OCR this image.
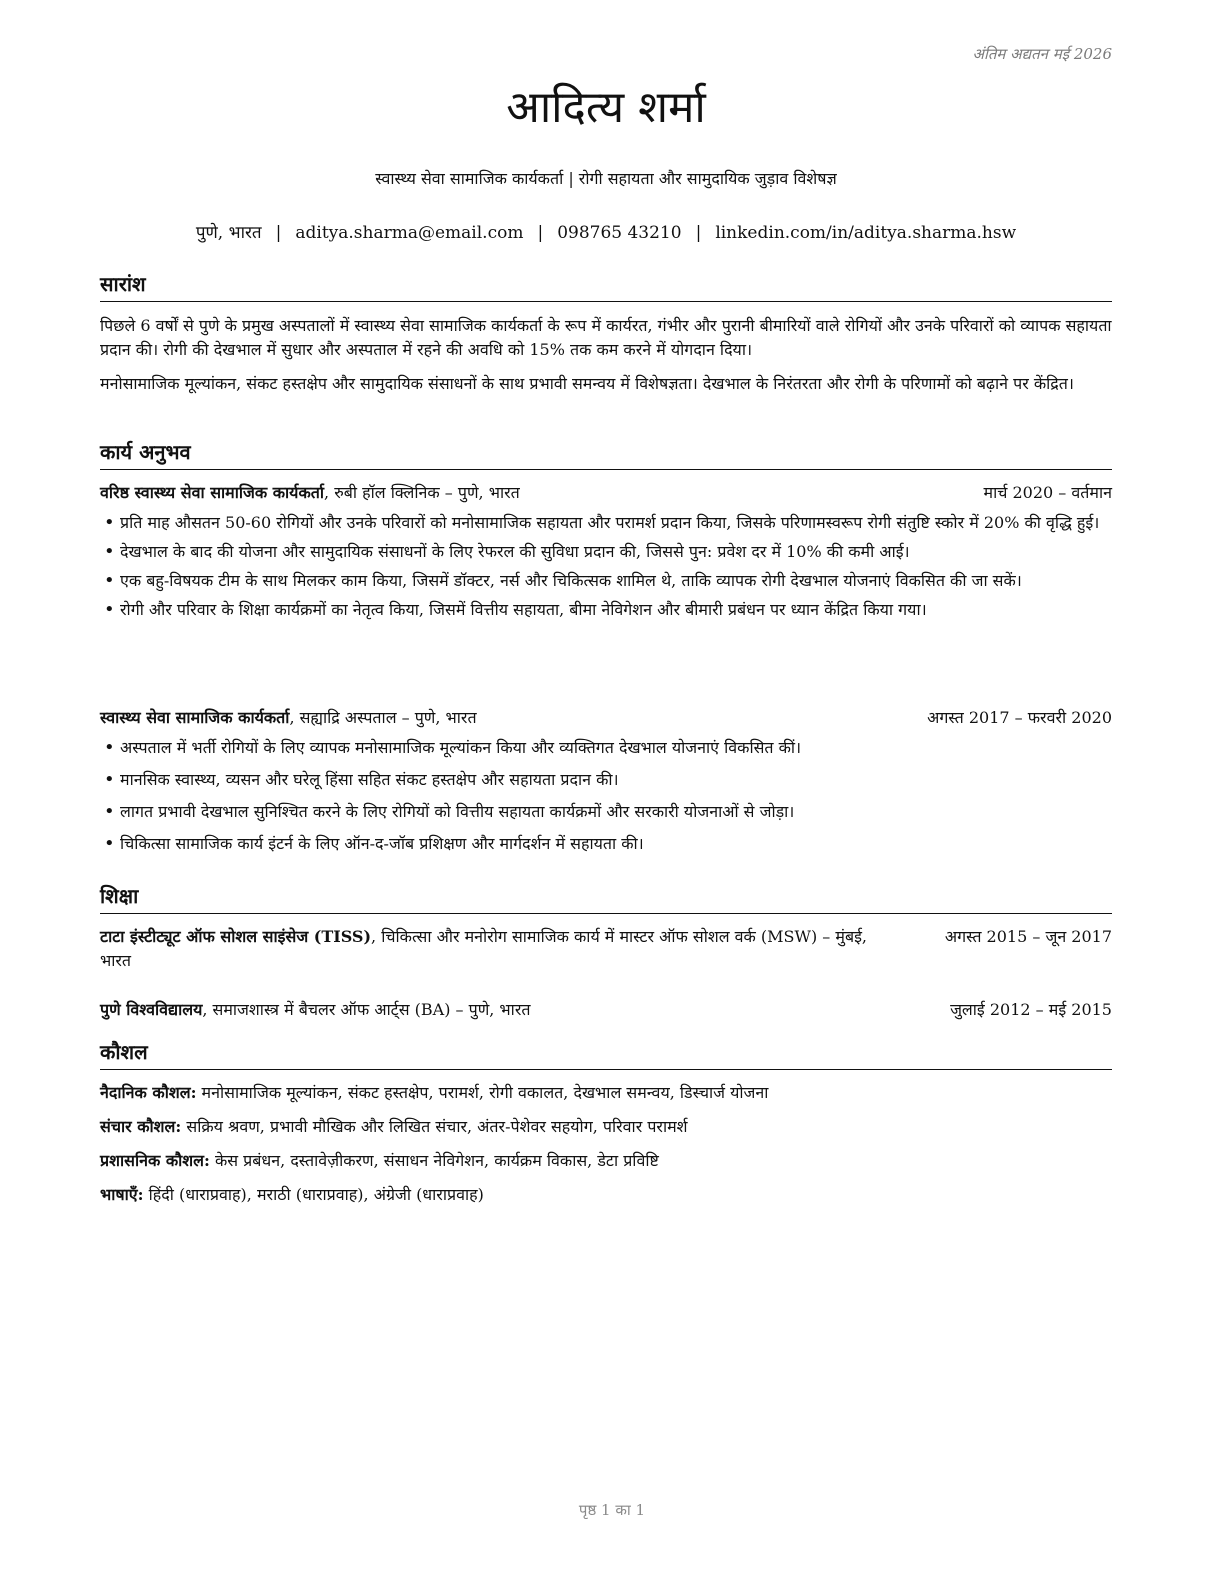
अंतिम अद्यतन मई 2026
आदित्य शर्मा
स्वास्थ्य सेवा सामाजिक कार्यकर्ता | रोगी सहायता और सामुदायिक जुड़ाव विशेषज्ञ
पुणे, भारत | aditya.sharma@email.com | 098765 43210 | linkedin.com/in/aditya.sharma.hsw
सारांश
पिछले 6 वर्षों से पुणे के प्रमुख अस्पतालों में स्वास्थ्य सेवा सामाजिक कार्यकर्ता के रूप में कार्यरत, गंभीर और पुरानी बीमारियों वाले रोगियों और उनके परिवारों को व्यापक सहायता प्रदान की। रोगी की देखभाल में सुधार और अस्पताल में रहने की अवधि को 15% तक कम करने में योगदान दिया।
मनोसामाजिक मूल्यांकन, संकट हस्तक्षेप और सामुदायिक संसाधनों के साथ प्रभावी समन्वय में विशेषज्ञता। देखभाल के निरंतरता और रोगी के परिणामों को बढ़ाने पर केंद्रित।
कार्य अनुभव
वरिष्ठ स्वास्थ्य सेवा सामाजिक कार्यकर्ता, रुबी हॉल क्लिनिक – पुणे, भारत	मार्च 2020 – वर्तमान
• प्रति माह औसतन 50-60 रोगियों और उनके परिवारों को मनोसामाजिक सहायता और परामर्श प्रदान किया, जिसके परिणामस्वरूप रोगी संतुष्टि स्कोर में 20% की वृद्धि हुई।
• देखभाल के बाद की योजना और सामुदायिक संसाधनों के लिए रेफरल की सुविधा प्रदान की, जिससे पुन: प्रवेश दर में 10% की कमी आई।
• एक बहु-विषयक टीम के साथ मिलकर काम किया, जिसमें डॉक्टर, नर्स और चिकित्सक शामिल थे, ताकि व्यापक रोगी देखभाल योजनाएं विकसित की जा सकें।
• रोगी और परिवार के शिक्षा कार्यक्रमों का नेतृत्व किया, जिसमें वित्तीय सहायता, बीमा नेविगेशन और बीमारी प्रबंधन पर ध्यान केंद्रित किया गया।
स्वास्थ्य सेवा सामाजिक कार्यकर्ता, सह्याद्रि अस्पताल – पुणे, भारत	अगस्त 2017 – फरवरी 2020
• अस्पताल में भर्ती रोगियों के लिए व्यापक मनोसामाजिक मूल्यांकन किया और व्यक्तिगत देखभाल योजनाएं विकसित कीं।
• मानसिक स्वास्थ्य, व्यसन और घरेलू हिंसा सहित संकट हस्तक्षेप और सहायता प्रदान की।
• लागत प्रभावी देखभाल सुनिश्चित करने के लिए रोगियों को वित्तीय सहायता कार्यक्रमों और सरकारी योजनाओं से जोड़ा।
• चिकित्सा सामाजिक कार्य इंटर्न के लिए ऑन-द-जॉब प्रशिक्षण और मार्गदर्शन में सहायता की।
शिक्षा
टाटा इंस्टीट्यूट ऑफ सोशल साइंसेज (TISS), चिकित्सा और मनोरोग सामाजिक कार्य में मास्टर ऑफ सोशल वर्क (MSW) – मुंबई, भारत
अगस्त 2015 – जून 2017
पुणे विश्वविद्यालय, समाजशास्त्र में बैचलर ऑफ आर्ट्स (BA) – पुणे, भारत	जुलाई 2012 – मई 2015
कौशल
नैदानिक कौशल: मनोसामाजिक मूल्यांकन, संकट हस्तक्षेप, परामर्श, रोगी वकालत, देखभाल समन्वय, डिस्चार्ज योजना
संचार कौशल: सक्रिय श्रवण, प्रभावी मौखिक और लिखित संचार, अंतर-पेशेवर सहयोग, परिवार परामर्श
प्रशासनिक कौशल: केस प्रबंधन, दस्तावेज़ीकरण, संसाधन नेविगेशन, कार्यक्रम विकास, डेटा प्रविष्टि
भाषाएँ: हिंदी (धाराप्रवाह), मराठी (धाराप्रवाह), अंग्रेजी (धाराप्रवाह)
पृष्ठ 1 का 1
